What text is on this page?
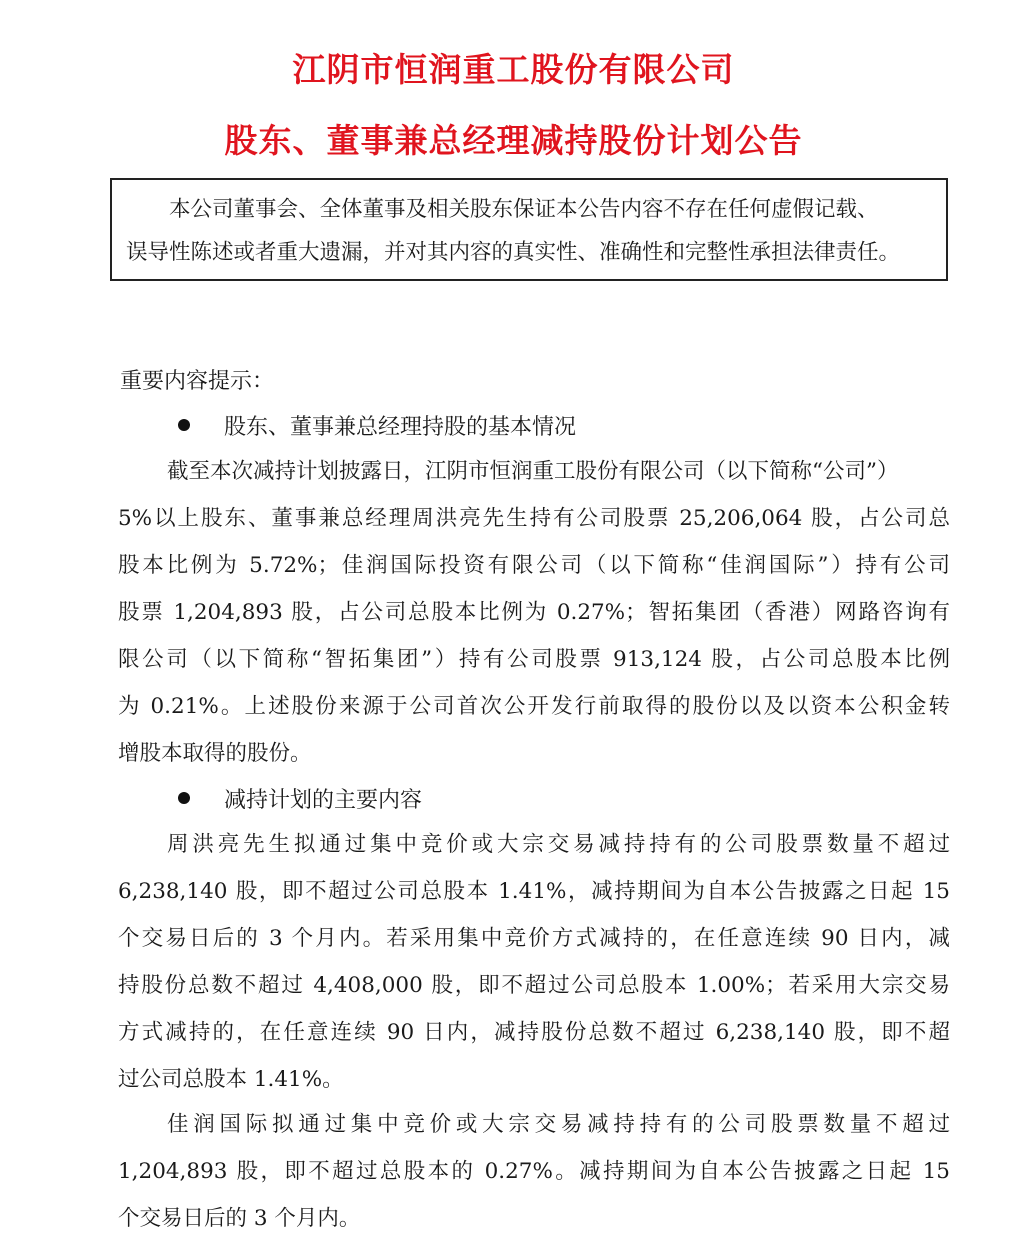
江阴市恒润重工股份有限公司
股东、董事兼总经理减持股份计划公告
本公司董事会、全体董事及相关股东保证本公告内容不存在任何虚假记载、
误导性陈述或者重大遗漏，并对其内容的真实性、准确性和完整性承担法律责任。
重要内容提示：
股东、董事兼总经理持股的基本情况
截至本次减持计划披露日，江阴市恒润重工股份有限公司（以下简称“公司”）
5%以上股东、董事兼总经理周洪亮先生持有公司股票 25,206,064 股，占公司总
股本比例为 5.72%；佳润国际投资有限公司（以下简称“佳润国际”）持有公司
股票 1,204,893 股，占公司总股本比例为 0.27%；智拓集团（香港）网路咨询有
限公司（以下简称“智拓集团”）持有公司股票 913,124 股，占公司总股本比例
为 0.21%。上述股份来源于公司首次公开发行前取得的股份以及以资本公积金转
增股本取得的股份。
减持计划的主要内容
周洪亮先生拟通过集中竞价或大宗交易减持持有的公司股票数量不超过
6,238,140 股，即不超过公司总股本 1.41%，减持期间为自本公告披露之日起 15
个交易日后的 3 个月内。若采用集中竞价方式减持的，在任意连续 90 日内，减
持股份总数不超过 4,408,000 股，即不超过公司总股本 1.00%；若采用大宗交易
方式减持的，在任意连续 90 日内，减持股份总数不超过 6,238,140 股，即不超
过公司总股本 1.41%。
佳润国际拟通过集中竞价或大宗交易减持持有的公司股票数量不超过
1,204,893 股，即不超过总股本的 0.27%。减持期间为自本公告披露之日起 15
个交易日后的 3 个月内。
